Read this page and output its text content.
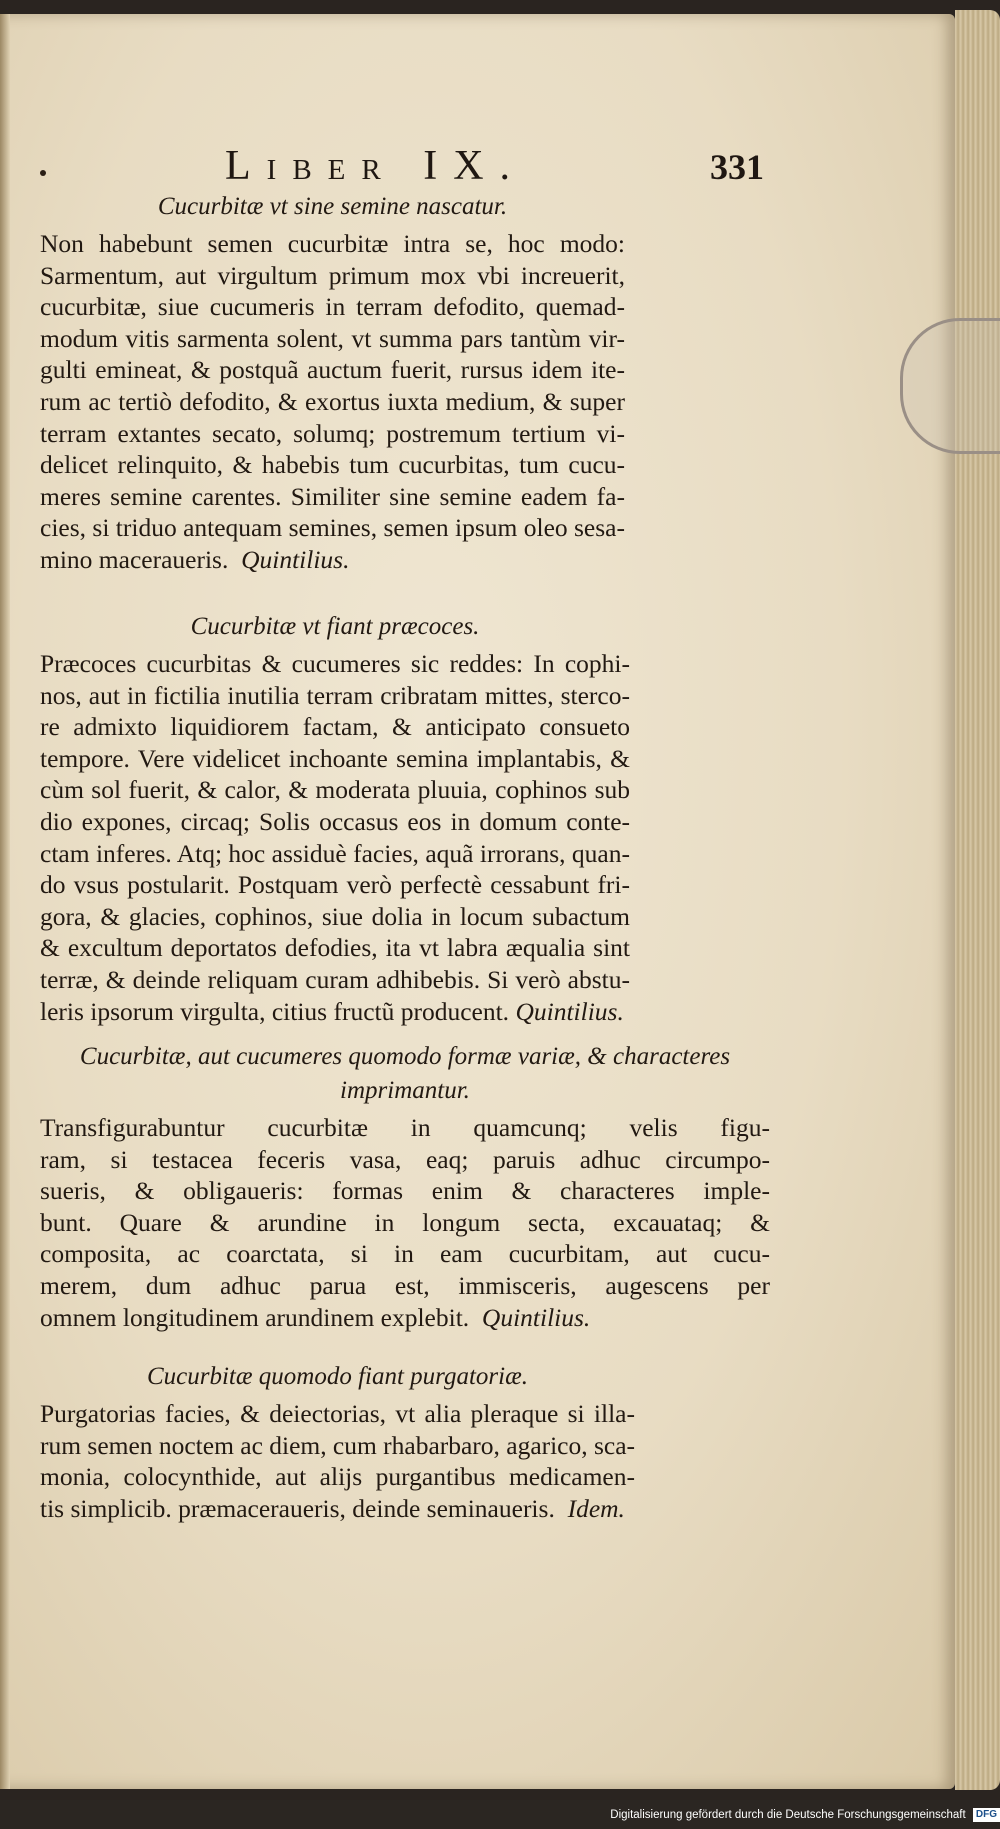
Liber IX.	331
Cucurbitæ vt sine semine nascatur.
Non habebunt semen cucurbitæ intra se, hoc modo:
Sarmentum, aut virgultum primum mox vbi increuerit,
cucurbitæ, siue cucumeris in terram defodito, quemad-
modum vitis sarmenta solent, vt summa pars tantùm vir-
gulti emineat, & postquã auctum fuerit, rursus idem ite-
rum ac tertiò defodito, & exortus iuxta medium, & super
terram extantes secato, solumq; postremum tertium vi-
delicet relinquito, & habebis tum cucurbitas, tum cucu-
meres semine carentes. Similiter sine semine eadem fa-
cies, si triduo antequam semines, semen ipsum oleo sesa-
mino maceraueris. Quintilius.
Cucurbitæ vt fiant præcoces.
Præcoces cucurbitas & cucumeres sic reddes: In cophi-
nos, aut in fictilia inutilia terram cribratam mittes, sterco-
re admixto liquidiorem factam, & anticipato consueto
tempore. Vere videlicet inchoante semina implantabis, &
cùm sol fuerit, & calor, & moderata pluuia, cophinos sub
dio expones, circaq; Solis occasus eos in domum conte-
ctam inferes. Atq; hoc assiduè facies, aquã irrorans, quan-
do vsus postularit. Postquam verò perfectè cessabunt fri-
gora, & glacies, cophinos, siue dolia in locum subactum
& excultum deportatos defodies, ita vt labra æqualia sint
terræ, & deinde reliquam curam adhibebis. Si verò abstu-
leris ipsorum virgulta, citius fructũ producent. Quintilius.
Cucurbitæ, aut cucumeres quomodo formæ variæ, & characteres imprimantur.
Transfigurabuntur cucurbitæ in quamcunq; velis figu-
ram, si testacea feceris vasa, eaq; paruis adhuc circumpo-
sueris, & obligaueris: formas enim & characteres imple-
bunt. Quare & arundine in longum secta, excauataq; &
composita, ac coarctata, si in eam cucurbitam, aut cucu-
merem, dum adhuc parua est, immisceris, augescens per
omnem longitudinem arundinem explebit. Quintilius.
Cucurbitæ quomodo fiant purgatoriæ.
Purgatorias facies, & deiectorias, vt alia pleraque si illa-
rum semen noctem ac diem, cum rhabarbaro, agarico, sca-
monia, colocynthide, aut alijs purgantibus medicamen-
tis simplicib. præmaceraueris, deinde seminaueris. Idem.
Digitalisierung gefördert durch die Deutsche Forschungsgemeinschaft DFG
